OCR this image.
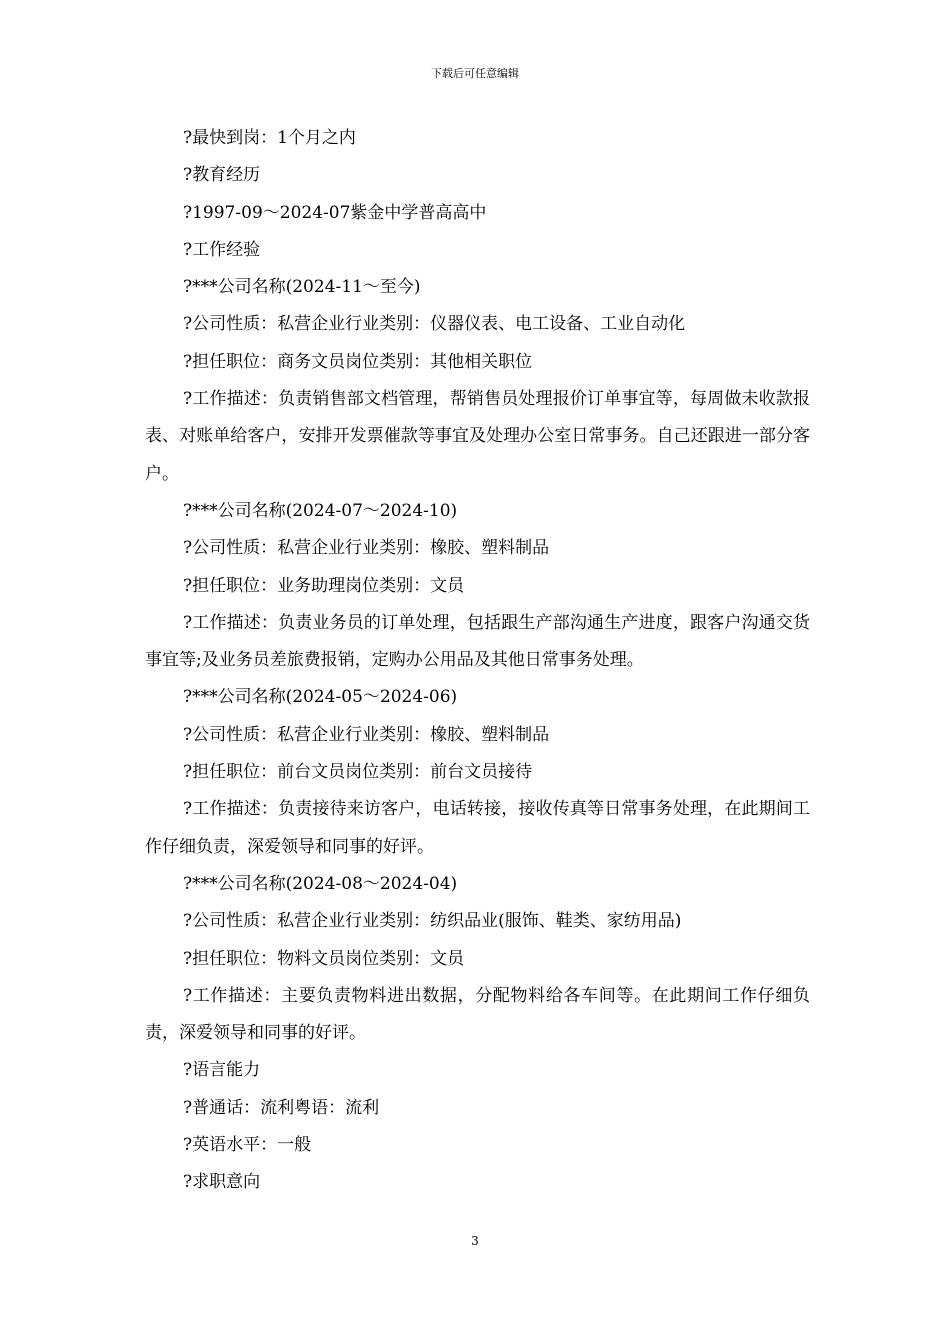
下载后可任意编辑

?最快到岗：1个月之内

?教育经历

?1997-09～2024-07紫金中学普高高中

?工作经验

?***公司名称(2024-11～至今)

?公司性质：私营企业行业类别：仪器仪表、电工设备、工业自动化

?担任职位：商务文员岗位类别：其他相关职位

?工作描述：负责销售部文档管理，帮销售员处理报价订单事宜等，每周做未收款报表、对账单给客户，安排开发票催款等事宜及处理办公室日常事务。自己还跟进一部分客户。

?***公司名称(2024-07～2024-10)

?公司性质：私营企业行业类别：橡胶、塑料制品

?担任职位：业务助理岗位类别：文员

?工作描述：负责业务员的订单处理，包括跟生产部沟通生产进度，跟客户沟通交货事宜等;及业务员差旅费报销，定购办公用品及其他日常事务处理。

?***公司名称(2024-05～2024-06)

?公司性质：私营企业行业类别：橡胶、塑料制品

?担任职位：前台文员岗位类别：前台文员接待

?工作描述：负责接待来访客户，电话转接，接收传真等日常事务处理，在此期间工作仔细负责，深爱领导和同事的好评。

?***公司名称(2024-08～2024-04)

?公司性质：私营企业行业类别：纺织品业(服饰、鞋类、家纺用品)

?担任职位：物料文员岗位类别：文员

?工作描述：主要负责物料进出数据，分配物料给各车间等。在此期间工作仔细负责，深爱领导和同事的好评。

?语言能力

?普通话：流利粤语：流利

?英语水平：一般

?求职意向

3
